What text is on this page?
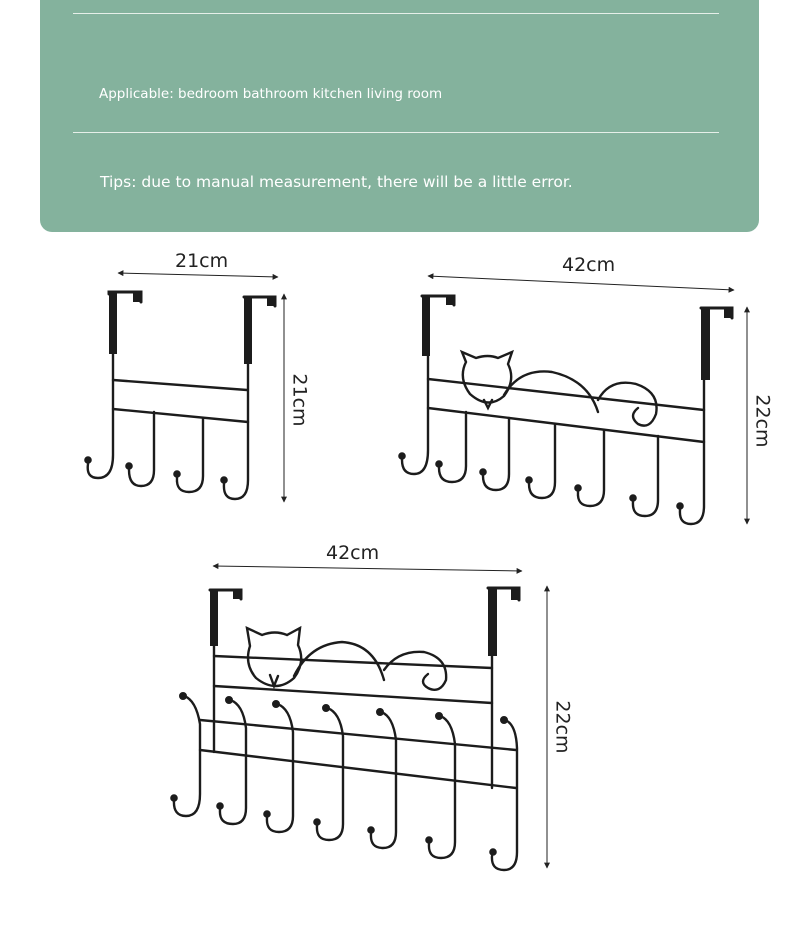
Applicable: bedroom bathroom kitchen living room
Tips: due to manual measurement, there will be a little error.
21cm
21cm
42cm
22cm
42cm
22cm
